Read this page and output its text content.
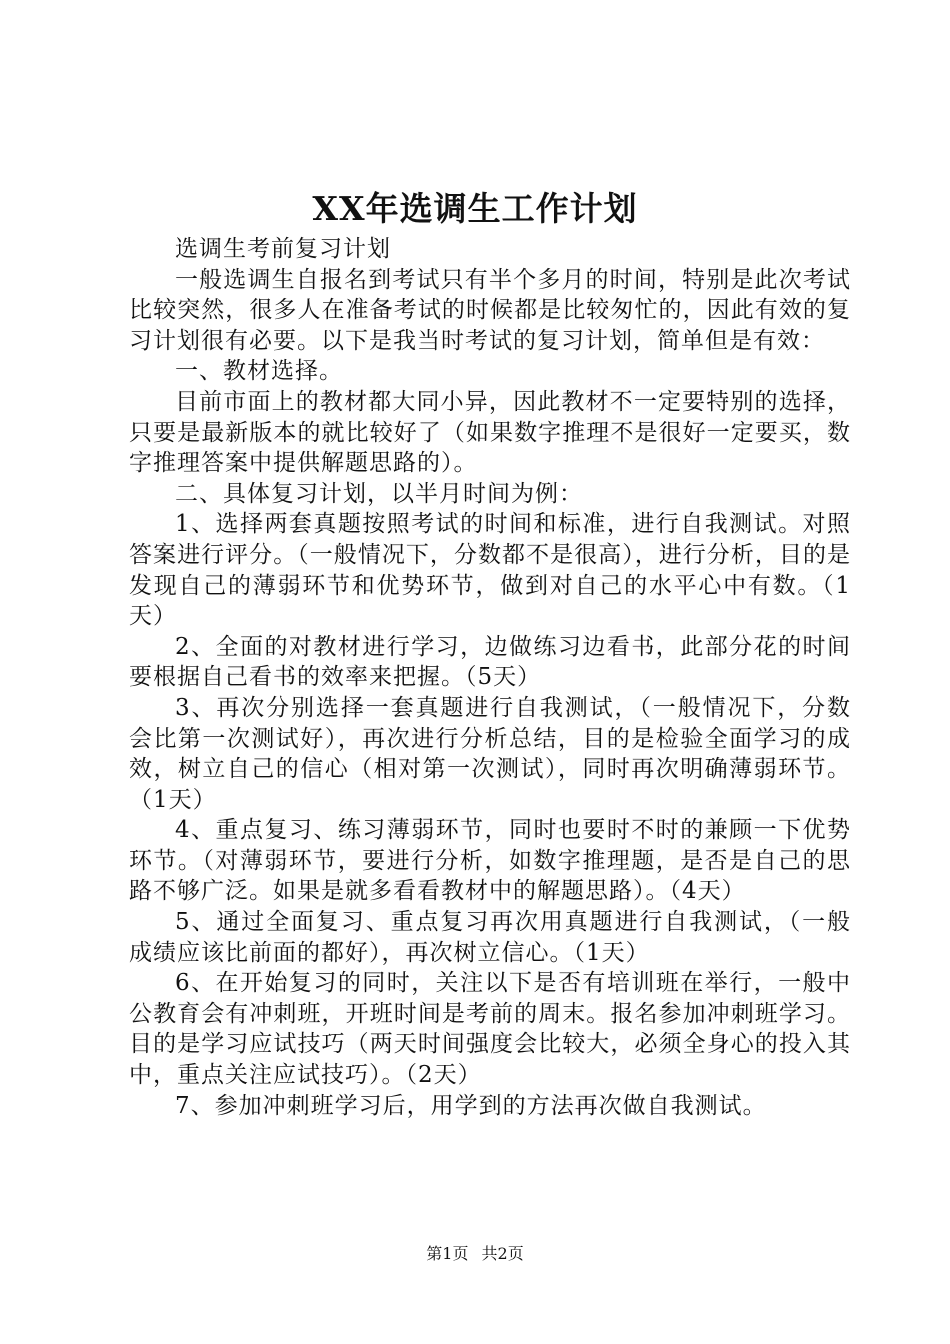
XX年选调生工作计划

选调生考前复习计划

一般选调生自报名到考试只有半个多月的时间，特别是此次考试比较突然，很多人在准备考试的时候都是比较匆忙的，因此有效的复习计划很有必要。以下是我当时考试的复习计划，简单但是有效：

一、教材选择。

目前市面上的教材都大同小异，因此教材不一定要特别的选择，只要是最新版本的就比较好了（如果数字推理不是很好一定要买，数字推理答案中提供解题思路的）。

二、具体复习计划，以半月时间为例：

1、选择两套真题按照考试的时间和标准，进行自我测试。对照答案进行评分。（一般情况下，分数都不是很高），进行分析，目的是发现自己的薄弱环节和优势环节，做到对自己的水平心中有数。（1天）

2、全面的对教材进行学习，边做练习边看书，此部分花的时间要根据自己看书的效率来把握。（5天）

3、再次分别选择一套真题进行自我测试，（一般情况下，分数会比第一次测试好），再次进行分析总结，目的是检验全面学习的成效，树立自己的信心（相对第一次测试），同时再次明确薄弱环节。（1天）

4、重点复习、练习薄弱环节，同时也要时不时的兼顾一下优势环节。（对薄弱环节，要进行分析，如数字推理题，是否是自己的思路不够广泛。如果是就多看看教材中的解题思路）。（4天）

5、通过全面复习、重点复习再次用真题进行自我测试，（一般成绩应该比前面的都好），再次树立信心。（1天）

6、在开始复习的同时，关注以下是否有培训班在举行，一般中公教育会有冲刺班，开班时间是考前的周末。报名参加冲刺班学习。目的是学习应试技巧（两天时间强度会比较大，必须全身心的投入其中，重点关注应试技巧）。（2天）

7、参加冲刺班学习后，用学到的方法再次做自我测试。

第1页 共2页
